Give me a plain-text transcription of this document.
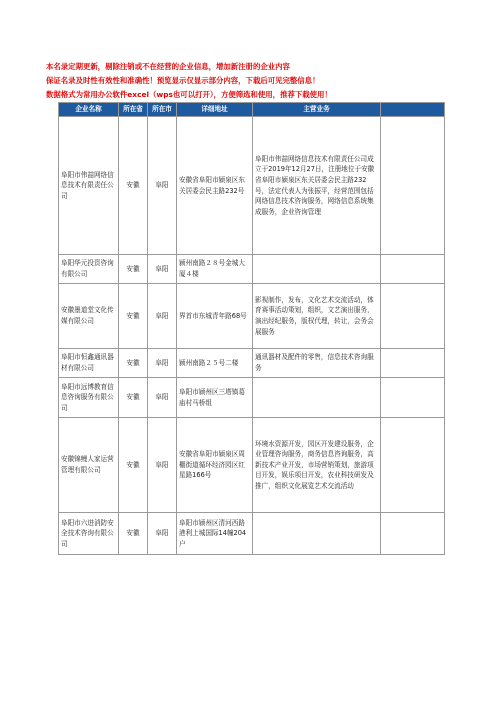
本名录定期更新，剔除注销或不在经营的企业信息，增加新注册的企业内容
保证名录及时性有效性和准确性！预览显示仅显示部分内容，下载后可见完整信息！
数据格式为常用办公软件excel（wps也可以打开），方便筛选和使用，推荐下载使用！
企业名称	所在省	所在市	详细地址	主营业务	
阜阳市伟喆网络信息技术有限责任公司	安徽	阜阳	安徽省阜阳市颍泉区东关居委会民主路232号	阜阳市伟喆网络信息技术有限责任公司成立于2019年12月27日，注册地位于安徽省阜阳市颍泉区东关居委会民主路232号，法定代表人为张振平，经营范围包括网络信息技术咨询服务，网络信息系统集成服务，企业咨询管理	
阜阳华元投资咨询有限公司	安徽	阜阳	颍州南路２８号金城大厦４楼		
安徽墨道堂文化传媒有限公司	安徽	阜阳	界首市东城青年路68号	影视制作，发布，文化艺术交流活动，体育赛事活动策划，组织，文艺演出服务，演出经纪服务，版权代理，转让，会务会展服务	
阜阳市恒鑫通讯器材有限公司	安徽	阜阳	颍州南路２５号二楼	通讯器材及配件的零售，信息技术咨询服务	
阜阳市远博教育信息咨询服务有限公司	安徽	阜阳	阜阳市颍州区三塔镇葛庙村马桥组		
安徽锦鲤人家运营管理有限公司	安徽	阜阳	安徽省阜阳市颍泉区周棚街道循环经济园区红星路166号	环境水资源开发，园区开发建设服务，企业管理咨询服务，商务信息咨询服务，高新技术产业开发，市场营销策划，旅游项目开发，娱乐项目开发，农业科技研发及推广，组织文化展览艺术交流活动	
阜阳市六进消防安全技术咨询有限公司	安徽	阜阳	阜阳市颍州区清河西路港利上城国际14幢204户		
